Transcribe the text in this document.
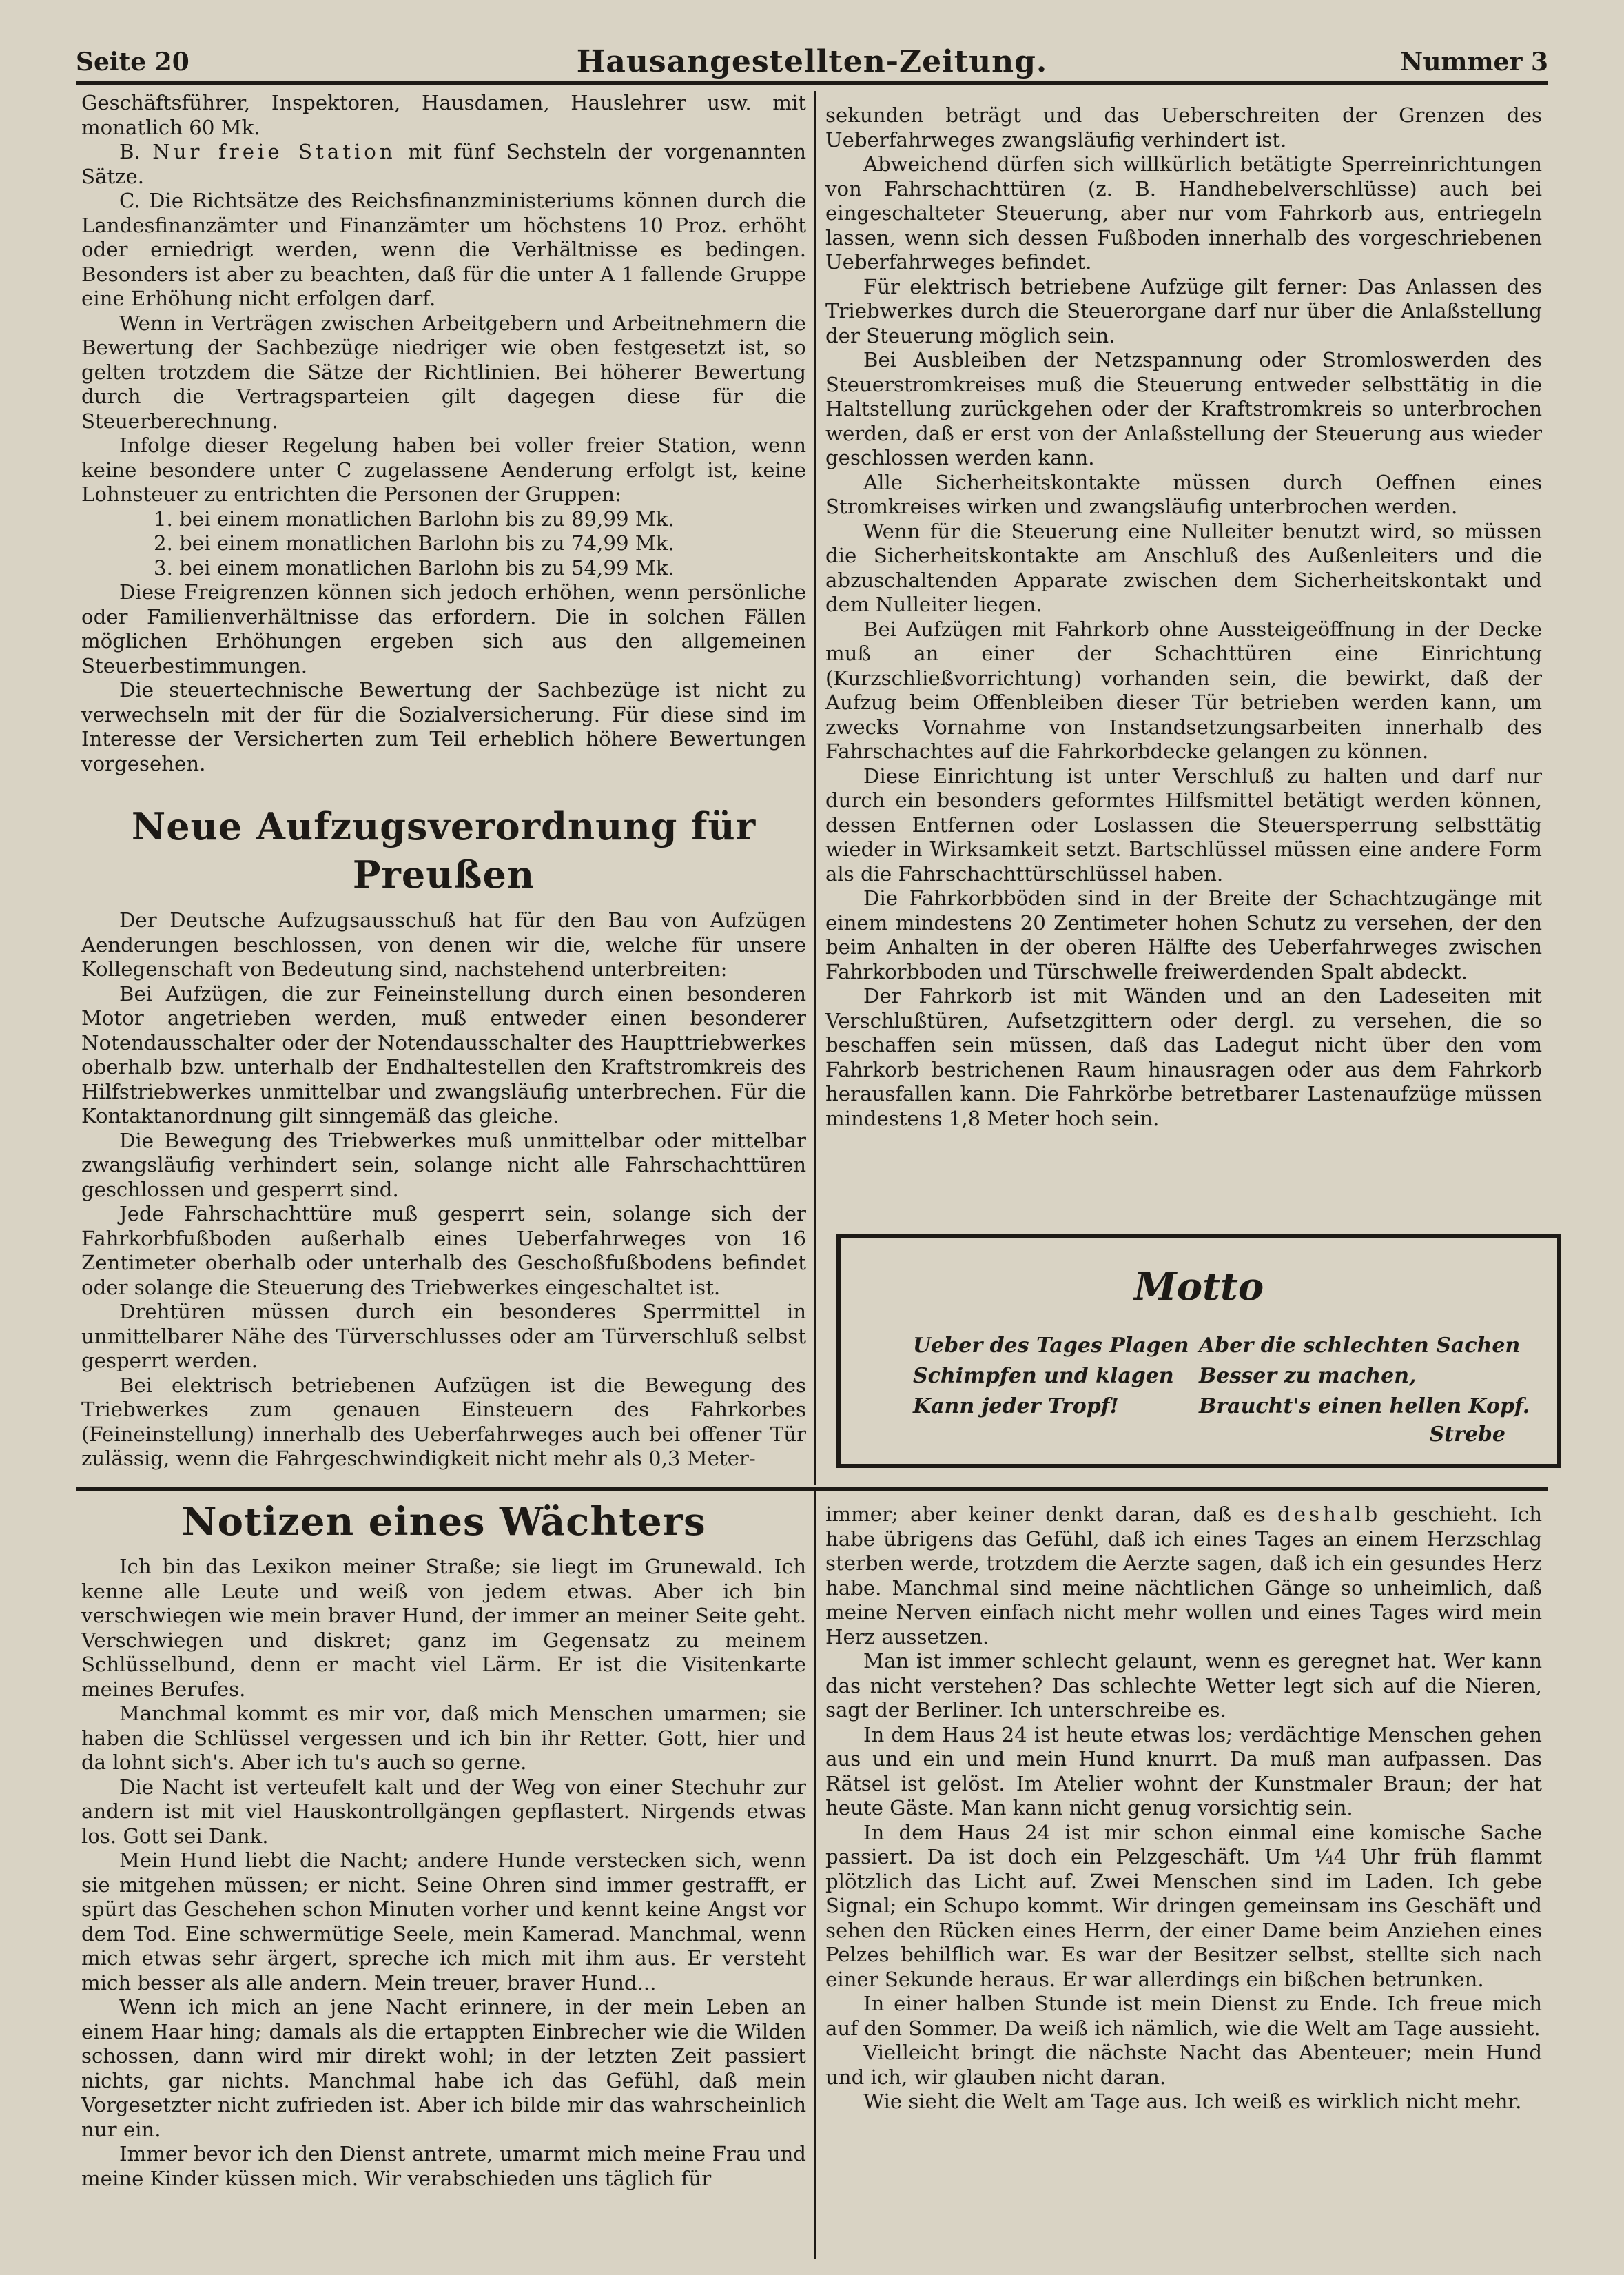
Seite 20	Hausangestellten-Zeitung.	Nummer 3

Geschäftsführer, Inspektoren, Hausdamen, Hauslehrer usw. mit monatlich 60 Mk.

B. Nur freie Station mit fünf Sechsteln der vorgenannten Sätze.

C. Die Richtsätze des Reichsfinanzministeriums können durch die Landesfinanzämter und Finanzämter um höchstens 10 Proz. erhöht oder erniedrigt werden, wenn die Verhältnisse es bedingen. Besonders ist aber zu beachten, daß für die unter A 1 fallende Gruppe eine Erhöhung nicht erfolgen darf.

Wenn in Verträgen zwischen Arbeitgebern und Arbeitnehmern die Bewertung der Sachbezüge niedriger wie oben festgesetzt ist, so gelten trotzdem die Sätze der Richtlinien. Bei höherer Bewertung durch die Vertragsparteien gilt dagegen diese für die Steuerberechnung.

Infolge dieser Regelung haben bei voller freier Station, wenn keine besondere unter C zugelassene Aenderung erfolgt ist, keine Lohnsteuer zu entrichten die Personen der Gruppen:

1. bei einem monatlichen Barlohn bis zu 89,99 Mk.

2. bei einem monatlichen Barlohn bis zu 74,99 Mk.

3. bei einem monatlichen Barlohn bis zu 54,99 Mk.

Diese Freigrenzen können sich jedoch erhöhen, wenn persönliche oder Familienverhältnisse das erfordern. Die in solchen Fällen möglichen Erhöhungen ergeben sich aus den allgemeinen Steuerbestimmungen.

Die steuertechnische Bewertung der Sachbezüge ist nicht zu verwechseln mit der für die Sozialversicherung. Für diese sind im Interesse der Versicherten zum Teil erheblich höhere Bewertungen vorgesehen.

Neue Aufzugsverordnung für Preußen

Der Deutsche Aufzugsausschuß hat für den Bau von Aufzügen Aenderungen beschlossen, von denen wir die, welche für unsere Kollegenschaft von Bedeutung sind, nachstehend unterbreiten:

Bei Aufzügen, die zur Feineinstellung durch einen besonderen Motor angetrieben werden, muß entweder einen besonderer Notendausschalter oder der Notendausschalter des Haupttriebwerkes oberhalb bzw. unterhalb der Endhaltestellen den Kraftstromkreis des Hilfstriebwerkes unmittelbar und zwangsläufig unterbrechen. Für die Kontaktanordnung gilt sinngemäß das gleiche.

Die Bewegung des Triebwerkes muß unmittelbar oder mittelbar zwangsläufig verhindert sein, solange nicht alle Fahrschachttüren geschlossen und gesperrt sind.

Jede Fahrschachttüre muß gesperrt sein, solange sich der Fahrkorbfußboden außerhalb eines Ueberfahrweges von 16 Zentimeter oberhalb oder unterhalb des Geschoßfußbodens befindet oder solange die Steuerung des Triebwerkes eingeschaltet ist.

Drehtüren müssen durch ein besonderes Sperrmittel in unmittelbarer Nähe des Türverschlusses oder am Türverschluß selbst gesperrt werden.

Bei elektrisch betriebenen Aufzügen ist die Bewegung des Triebwerkes zum genauen Einsteuern des Fahrkorbes (Feineinstellung) innerhalb des Ueberfahrweges auch bei offener Tür zulässig, wenn die Fahrgeschwindigkeit nicht mehr als 0,3 Meter-

sekunden beträgt und das Ueberschreiten der Grenzen des Ueberfahrweges zwangsläufig verhindert ist.

Abweichend dürfen sich willkürlich betätigte Sperreinrichtungen von Fahrschachttüren (z. B. Handhebelverschlüsse) auch bei eingeschalteter Steuerung, aber nur vom Fahrkorb aus, entriegeln lassen, wenn sich dessen Fußboden innerhalb des vorgeschriebenen Ueberfahrweges befindet.

Für elektrisch betriebene Aufzüge gilt ferner: Das Anlassen des Triebwerkes durch die Steuerorgane darf nur über die Anlaßstellung der Steuerung möglich sein.

Bei Ausbleiben der Netzspannung oder Stromloswerden des Steuerstromkreises muß die Steuerung entweder selbsttätig in die Haltstellung zurückgehen oder der Kraftstromkreis so unterbrochen werden, daß er erst von der Anlaßstellung der Steuerung aus wieder geschlossen werden kann.

Alle Sicherheitskontakte müssen durch Oeffnen eines Stromkreises wirken und zwangsläufig unterbrochen werden.

Wenn für die Steuerung eine Nulleiter benutzt wird, so müssen die Sicherheitskontakte am Anschluß des Außenleiters und die abzuschaltenden Apparate zwischen dem Sicherheitskontakt und dem Nulleiter liegen.

Bei Aufzügen mit Fahrkorb ohne Aussteigeöffnung in der Decke muß an einer der Schachttüren eine Einrichtung (Kurzschließvorrichtung) vorhanden sein, die bewirkt, daß der Aufzug beim Offenbleiben dieser Tür betrieben werden kann, um zwecks Vornahme von Instandsetzungsarbeiten innerhalb des Fahrschachtes auf die Fahrkorbdecke gelangen zu können.

Diese Einrichtung ist unter Verschluß zu halten und darf nur durch ein besonders geformtes Hilfsmittel betätigt werden können, dessen Entfernen oder Loslassen die Steuersperrung selbsttätig wieder in Wirksamkeit setzt. Bartschlüssel müssen eine andere Form als die Fahrschachttürschlüssel haben.

Die Fahrkorbböden sind in der Breite der Schachtzugänge mit einem mindestens 20 Zentimeter hohen Schutz zu versehen, der den beim Anhalten in der oberen Hälfte des Ueberfahrweges zwischen Fahrkorbboden und Türschwelle freiwerdenden Spalt abdeckt.

Der Fahrkorb ist mit Wänden und an den Ladeseiten mit Verschlußtüren, Aufsetzgittern oder dergl. zu versehen, die so beschaffen sein müssen, daß das Ladegut nicht über den vom Fahrkorb bestrichenen Raum hinausragen oder aus dem Fahrkorb herausfallen kann. Die Fahrkörbe betretbarer Lastenaufzüge müssen mindestens 1,8 Meter hoch sein.

Motto
Ueber des Tages Plagen
Schimpfen und klagen
Kann jeder Tropf!
Aber die schlechten Sachen
Besser zu machen,
Braucht's einen hellen Kopf.
Strebe
Notizen eines Wächters

Ich bin das Lexikon meiner Straße; sie liegt im Grunewald. Ich kenne alle Leute und weiß von jedem etwas. Aber ich bin verschwiegen wie mein braver Hund, der immer an meiner Seite geht. Verschwiegen und diskret; ganz im Gegensatz zu meinem Schlüsselbund, denn er macht viel Lärm. Er ist die Visitenkarte meines Berufes.

Manchmal kommt es mir vor, daß mich Menschen umarmen; sie haben die Schlüssel vergessen und ich bin ihr Retter. Gott, hier und da lohnt sich's. Aber ich tu's auch so gerne.

Die Nacht ist verteufelt kalt und der Weg von einer Stechuhr zur andern ist mit viel Hauskontrollgängen gepflastert. Nirgends etwas los. Gott sei Dank.

Mein Hund liebt die Nacht; andere Hunde verstecken sich, wenn sie mitgehen müssen; er nicht. Seine Ohren sind immer gestrafft, er spürt das Geschehen schon Minuten vorher und kennt keine Angst vor dem Tod. Eine schwermütige Seele, mein Kamerad. Manchmal, wenn mich etwas sehr ärgert, spreche ich mich mit ihm aus. Er versteht mich besser als alle andern. Mein treuer, braver Hund...

Wenn ich mich an jene Nacht erinnere, in der mein Leben an einem Haar hing; damals als die ertappten Einbrecher wie die Wilden schossen, dann wird mir direkt wohl; in der letzten Zeit passiert nichts, gar nichts. Manchmal habe ich das Gefühl, daß mein Vorgesetzter nicht zufrieden ist. Aber ich bilde mir das wahrscheinlich nur ein.

Immer bevor ich den Dienst antrete, umarmt mich meine Frau und meine Kinder küssen mich. Wir verabschieden uns täglich für

immer; aber keiner denkt daran, daß es deshalb geschieht. Ich habe übrigens das Gefühl, daß ich eines Tages an einem Herzschlag sterben werde, trotzdem die Aerzte sagen, daß ich ein gesundes Herz habe. Manchmal sind meine nächtlichen Gänge so unheimlich, daß meine Nerven einfach nicht mehr wollen und eines Tages wird mein Herz aussetzen.

Man ist immer schlecht gelaunt, wenn es geregnet hat. Wer kann das nicht verstehen? Das schlechte Wetter legt sich auf die Nieren, sagt der Berliner. Ich unterschreibe es.

In dem Haus 24 ist heute etwas los; verdächtige Menschen gehen aus und ein und mein Hund knurrt. Da muß man aufpassen. Das Rätsel ist gelöst. Im Atelier wohnt der Kunstmaler Braun; der hat heute Gäste. Man kann nicht genug vorsichtig sein.

In dem Haus 24 ist mir schon einmal eine komische Sache passiert. Da ist doch ein Pelzgeschäft. Um ¼4 Uhr früh flammt plötzlich das Licht auf. Zwei Menschen sind im Laden. Ich gebe Signal; ein Schupo kommt. Wir dringen gemeinsam ins Geschäft und sehen den Rücken eines Herrn, der einer Dame beim Anziehen eines Pelzes behilflich war. Es war der Besitzer selbst, stellte sich nach einer Sekunde heraus. Er war allerdings ein bißchen betrunken.

In einer halben Stunde ist mein Dienst zu Ende. Ich freue mich auf den Sommer. Da weiß ich nämlich, wie die Welt am Tage aussieht.

Vielleicht bringt die nächste Nacht das Abenteuer; mein Hund und ich, wir glauben nicht daran.

Wie sieht die Welt am Tage aus. Ich weiß es wirklich nicht mehr.
